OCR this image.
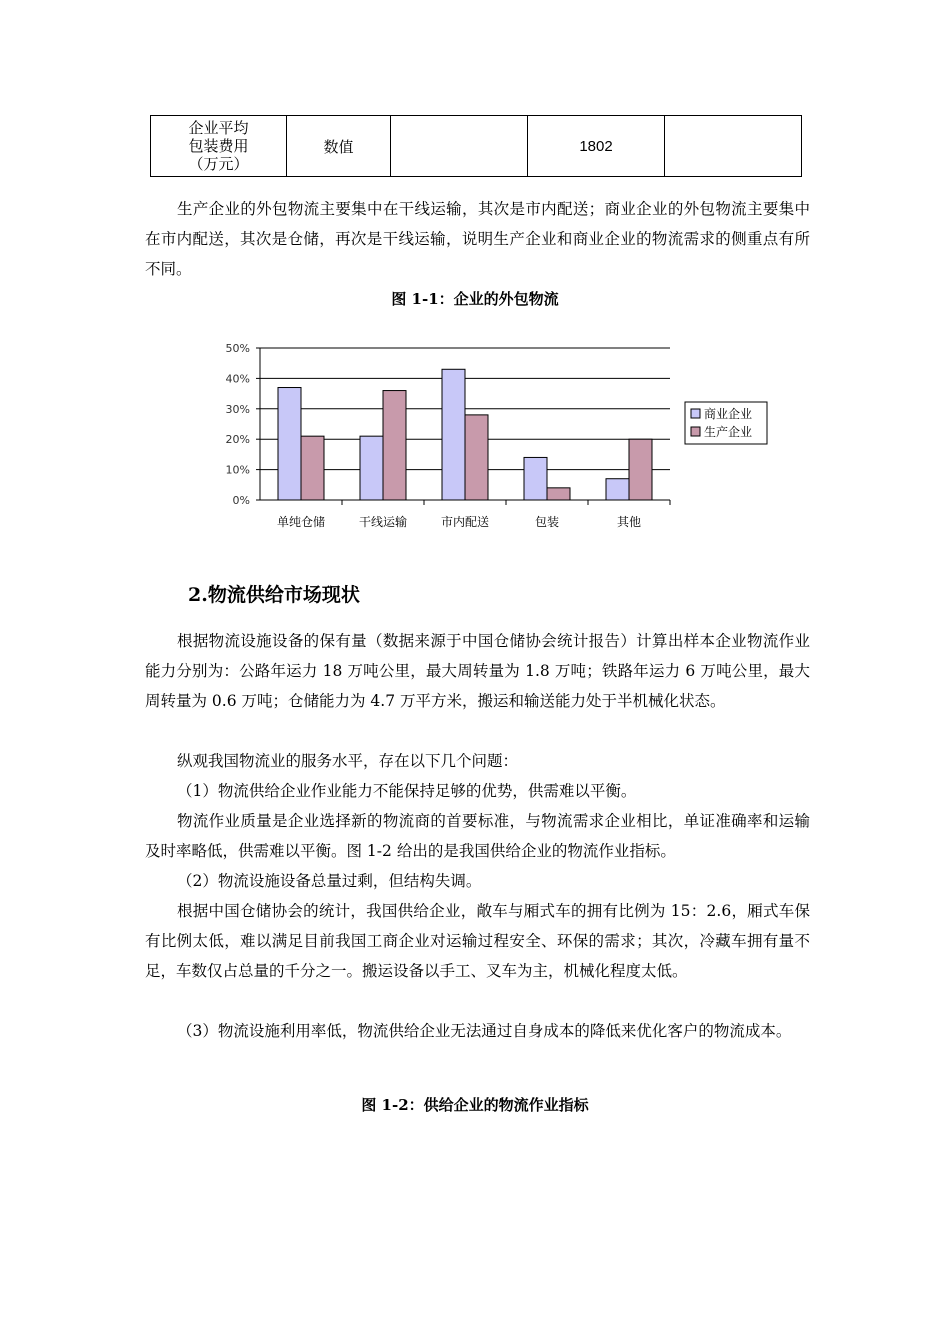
企业平均
包装费用
（万元）	数值		1802	

生产企业的外包物流主要集中在干线运输，其次是市内配送；商业企业的外包物流主要集中在市内配送，其次是仓储，再次是干线运输，说明生产企业和商业企业的物流需求的侧重点有所不同。

图 1-1：企业的外包物流
0%
10%
20%
30%
40%
50%
单纯仓储	干线运输	市内配送	包装	其他
商业企业
生产企业
2.物流供给市场现状

根据物流设施设备的保有量（数据来源于中国仓储协会统计报告）计算出样本企业物流作业能力分别为：公路年运力 18 万吨公里，最大周转量为 1.8 万吨；铁路年运力 6 万吨公里，最大周转量为 0.6 万吨；仓储能力为 4.7 万平方米，搬运和输送能力处于半机械化状态。

纵观我国物流业的服务水平，存在以下几个问题：

（1）物流供给企业作业能力不能保持足够的优势，供需难以平衡。

物流作业质量是企业选择新的物流商的首要标准，与物流需求企业相比，单证准确率和运输及时率略低，供需难以平衡。图 1-2 给出的是我国供给企业的物流作业指标。

（2）物流设施设备总量过剩，但结构失调。

根据中国仓储协会的统计，我国供给企业，敞车与厢式车的拥有比例为 15：2.6，厢式车保有比例太低，难以满足目前我国工商企业对运输过程安全、环保的需求；其次，冷藏车拥有量不足，车数仅占总量的千分之一。搬运设备以手工、叉车为主，机械化程度太低。

（3）物流设施利用率低，物流供给企业无法通过自身成本的降低来优化客户的物流成本。

图 1-2：供给企业的物流作业指标
